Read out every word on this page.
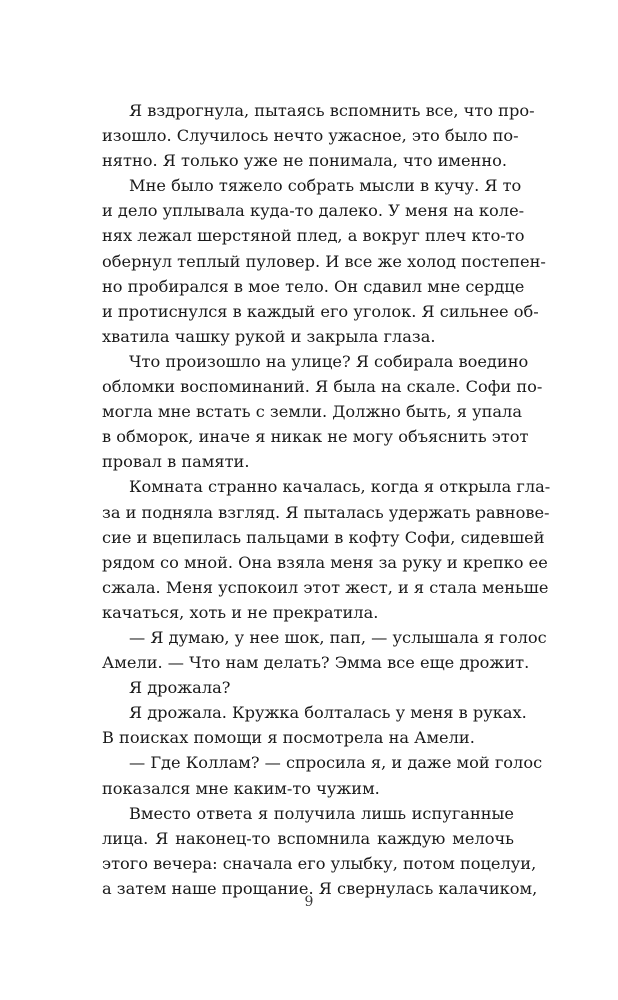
Я вздрогнула, пытаясь вспомнить все, что про-
изошло. Случилось нечто ужасное, это было по-
нятно. Я только уже не понимала, что именно.
Мне было тяжело собрать мысли в кучу. Я то
и дело уплывала куда-то далеко. У меня на коле-
нях лежал шерстяной плед, а вокруг плеч кто-то
обернул теплый пуловер. И все же холод постепен-
но пробирался в мое тело. Он сдавил мне сердце
и протиснулся в каждый его уголок. Я сильнее об-
хватила чашку рукой и закрыла глаза.
Что произошло на улице? Я собирала воедино
обломки воспоминаний. Я была на скале. Софи по-
могла мне встать с земли. Должно быть, я упала
в обморок, иначе я никак не могу объяснить этот
провал в памяти.
Комната странно качалась, когда я открыла гла-
за и подняла взгляд. Я пыталась удержать равнове-
сие и вцепилась пальцами в кофту Софи, сидевшей
рядом со мной. Она взяла меня за руку и крепко ее
сжала. Меня успокоил этот жест, и я стала меньше
качаться, хоть и не прекратила.
— Я думаю, у нее шок, пап, — услышала я голос
Амели. — Что нам делать? Эмма все еще дрожит.
Я дрожала?
Я дрожала. Кружка болталась у меня в руках.
В поисках помощи я посмотрела на Амели.
— Где Коллам? — спросила я, и даже мой голос
показался мне каким-то чужим.
Вместо ответа я получила лишь испуганные
лица. Я наконец-то вспомнила каждую мелочь
этого вечера: сначала его улыбку, потом поцелуи,
а затем наше прощание. Я свернулась калачиком,
9
